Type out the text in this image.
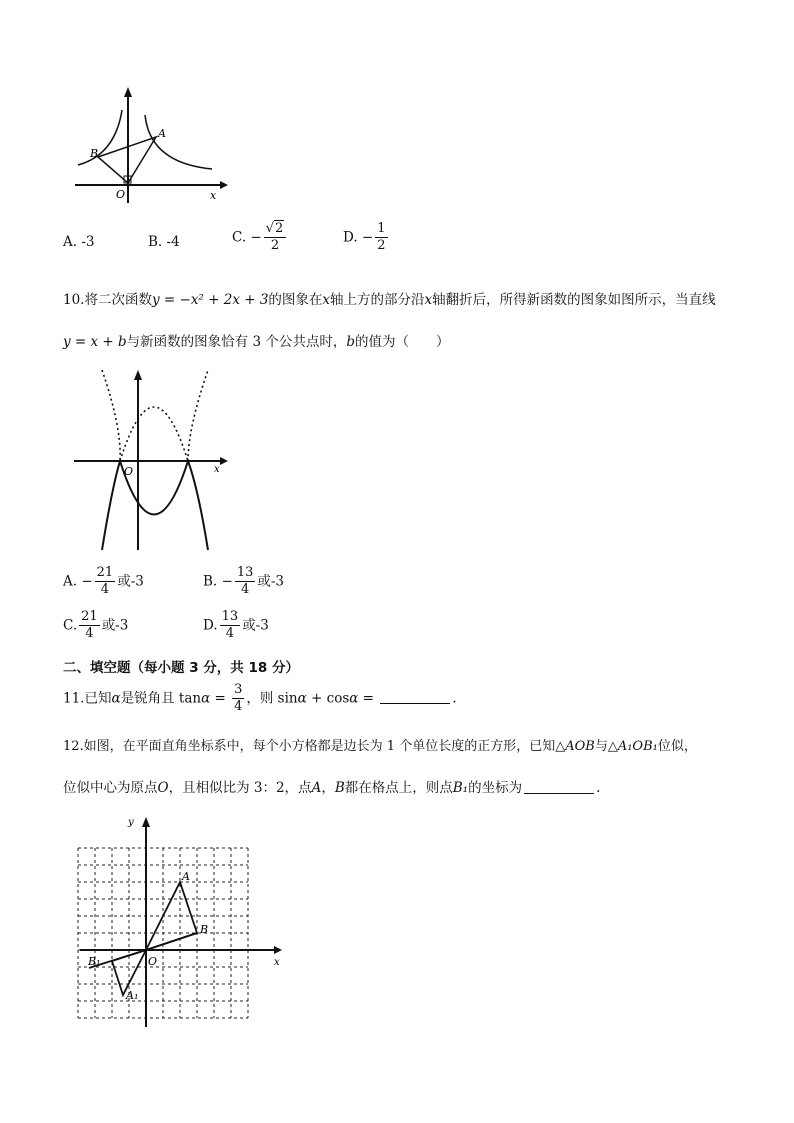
A
B
O	x
A. -3	B. -4	C. − $\frac{√2}{2}$	D. − $\frac{1}{2}$
10.将二次函数y = −x² + 2x + 3的图象在x轴上方的部分沿x轴翻折后，所得新函数的图象如图所示，当直线
y = x + b与新函数的图象恰有 3 个公共点时，b的值为（　　）
O	x
A. − $\frac{21}{4}$ 或-3	B. − $\frac{13}{4}$ 或-3
C. $\frac{21}{4}$ 或-3	D. $\frac{13}{4}$ 或-3
二、填空题（每小题 3 分，共 18 分）
11.已知α是锐角且 $\tan\alpha = \frac{3}{4}$ ，则 sinα + cosα =	.
12.如图，在平面直角坐标系中，每个小方格都是边长为 1 个单位长度的正方形，已知△AOB与△A₁OB₁位似，
位似中心为原点O，且相似比为 3：2，点A，B都在格点上，则点B₁的坐标为	.
A
B
O
B₁
A₁
y
x
